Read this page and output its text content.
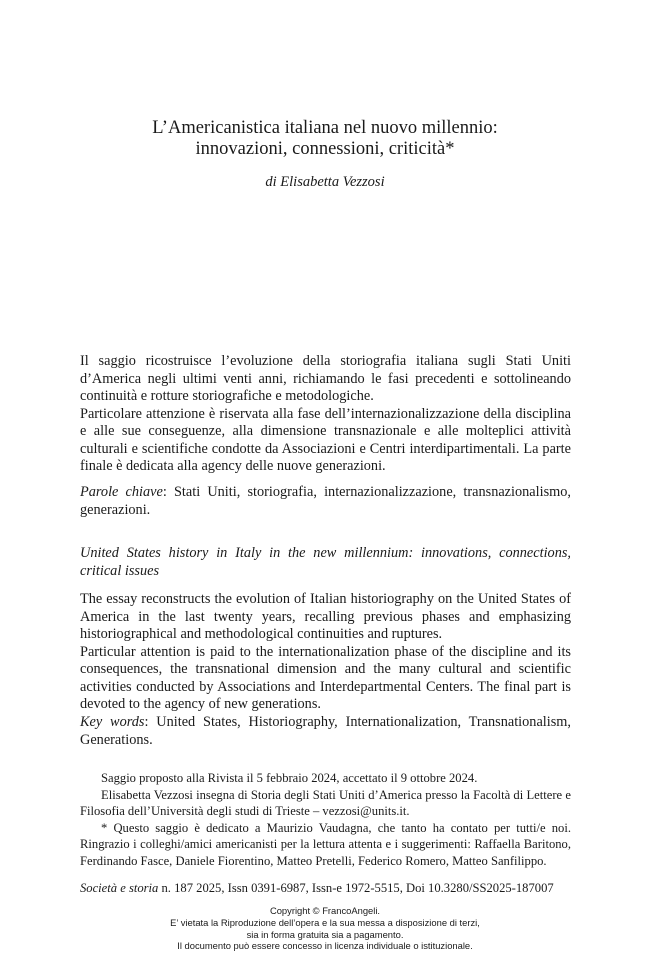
L’Americanistica italiana nel nuovo millennio:
innovazioni, connessioni, criticità*
di Elisabetta Vezzosi

Il saggio ricostruisce l’evoluzione della storiografia italiana sugli Stati Uniti d’America negli ultimi venti anni, richiamando le fasi precedenti e sottolineando continuità e rotture storiografiche e metodologiche.

Particolare attenzione è riservata alla fase dell’internazionalizzazione della disciplina e alle sue conseguenze, alla dimensione transnazionale e alle molteplici attività culturali e scientifiche condotte da Associazioni e Centri interdipartimentali. La parte finale è dedicata alla agency delle nuove generazioni.

Parole chiave: Stati Uniti, storiografia, internazionalizzazione, transnazionalismo, generazioni.

United States history in Italy in the new millennium: innovations, connections, critical issues

The essay reconstructs the evolution of Italian historiography on the United States of America in the last twenty years, recalling previous phases and emphasizing historiographical and methodological continuities and ruptures.

Particular attention is paid to the internationalization phase of the discipline and its consequences, the transnational dimension and the many cultural and scientific activities conducted by Associations and Interdepartmental Centers. The final part is devoted to the agency of new generations.

Key words: United States, Historiography, Internationalization, Transnationalism, Generations.

Saggio proposto alla Rivista il 5 febbraio 2024, accettato il 9 ottobre 2024.

Elisabetta Vezzosi insegna di Storia degli Stati Uniti d’America presso la Facoltà di Lettere e Filosofia dell’Università degli studi di Trieste – vezzosi@units.it.

* Questo saggio è dedicato a Maurizio Vaudagna, che tanto ha contato per tutti/e noi. Ringrazio i colleghi/amici americanisti per la lettura attenta e i suggerimenti: Raffaella Baritono, Ferdinando Fasce, Daniele Fiorentino, Matteo Pretelli, Federico Romero, Matteo Sanfilippo.

Società e storia n. 187 2025, Issn 0391-6987, Issn-e 1972-5515, Doi 10.3280/SS2025-187007
Copyright © FrancoAngeli.
E’ vietata la Riproduzione dell’opera e la sua messa a disposizione di terzi,
sia in forma gratuita sia a pagamento.
Il documento può essere concesso in licenza individuale o istituzionale.
